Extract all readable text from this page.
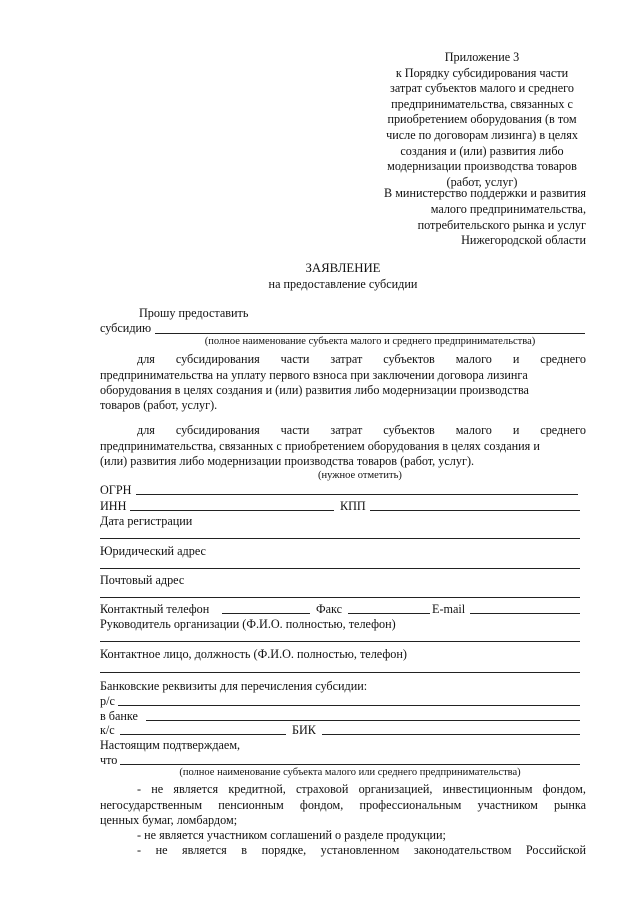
Приложение 3
к Порядку субсидирования части
затрат субъектов малого и среднего
предпринимательства, связанных с
приобретением оборудования (в том
числе по договорам лизинга) в целях
создания и (или) развития либо
модернизации производства товаров
(работ, услуг)
В министерство поддержки и развития
малого предпринимательства,
потребительского рынка и услуг
Нижегородской области
ЗАЯВЛЕНИЕ
на предоставление субсидии
Прошу предоставить
субсидию
(полное наименование субъекта малого и среднего предпринимательства)
для субсидирования части затрат субъектов малого и среднего
предпринимательства на уплату первого взноса при заключении договора лизинга
оборудования в целях создания и (или) развития либо модернизации производства
товаров (работ, услуг).
для субсидирования части затрат субъектов малого и среднего
предпринимательства, связанных с приобретением оборудования в целях создания и
(или) развития либо модернизации производства товаров (работ, услуг).
(нужное отметить)
ОГРН
ИНН	КПП
Дата регистрации
Юридический адрес
Почтовый адрес
Контактный телефон	Факс	E-mail
Руководитель организации (Ф.И.О. полностью, телефон)
Контактное лицо, должность (Ф.И.О. полностью, телефон)
Банковские реквизиты для перечисления субсидии:
р/с
в банке
к/с	БИК
Настоящим подтверждаем,
что
(полное наименование субъекта малого или среднего предпринимательства)
- не является кредитной, страховой организацией, инвестиционным фондом,
негосударственным пенсионным фондом, профессиональным участником рынка
ценных бумаг, ломбардом;
- не является участником соглашений о разделе продукции;
- не является в порядке, установленном законодательством Российской
